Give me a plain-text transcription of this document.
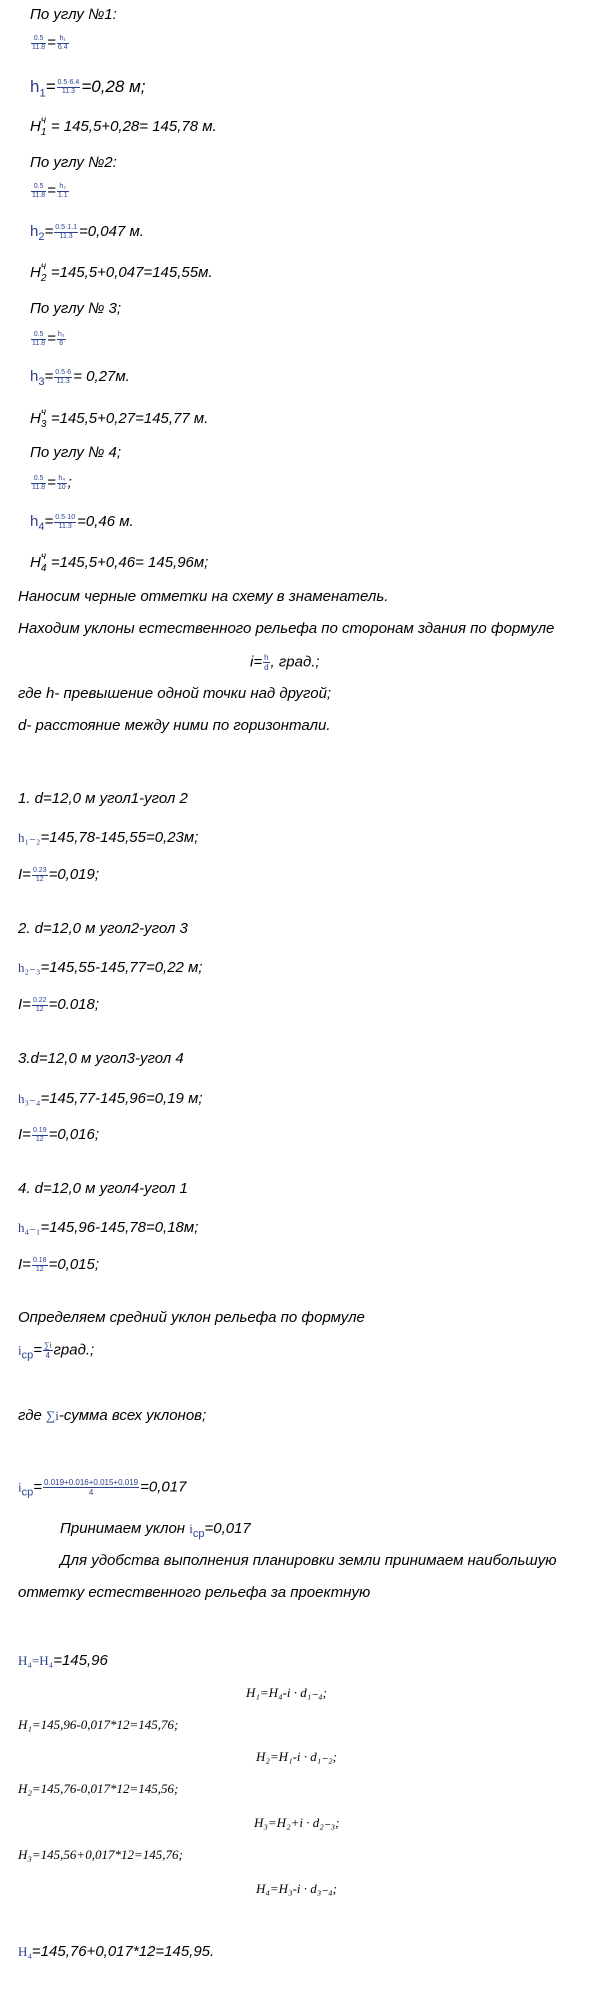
По углу №1:
$\frac{0.5}{11.8} = \frac{\text{h₁}}{6.4}$
$h_1= \frac{0.5\cdot 6.4}{11.3} =0,28$ м;
H ч
1 = 145,5+0,28= 145,78 м.
По углу №2:
$\frac{0.5}{11.8} = \frac{\text{h₂}}{1.1}$
$h_2= \frac{0.5\cdot 1.1}{11.3} =0,047$ м.
H ч
2 =145,5+0,047=145,55м.
По углу № 3;
$\frac{0.5}{11.8} = \frac{\text{h₃}}{6}$
$h_3= \frac{0.5\cdot 6}{11.3} = 0,27м$.
H ч
3 =145,5+0,27=145,77 м.
По углу № 4;
$\frac{0.5}{11.8} = \frac{\text{h₄}}{10}$ ;
$h_4= \frac{0.5\cdot 10}{11.3} =0,46$ м.
H ч
4 =145,5+0,46= 145,96м;
Наносим черные отметки на схему в знаменатель.
Находим уклоны естественного рельефа по сторонам здания по формуле
$i= \frac{h}{d}$ , град.;
где h- превышение одной точки над другой;
d- расстояние между ними по горизонтали.
1. d=12,0 м угол1-угол 2
h₁₋₂=145,78-145,55=0,23м;
$I= \frac{0.23}{12} =0,019$;
2. d=12,0 м угол2-угол 3
h₂₋₃=145,55-145,77=0,22 м;
$I= \frac{0.22}{12} =0.018$;
3.d=12,0 м угол3-угол 4
h₃₋₄=145,77-145,96=0,19 м;
$I= \frac{0.19}{12} =0,016$;
4. d=12,0 м угол4-угол 1
h₄₋₁=145,96-145,78=0,18м;
$I= \frac{0.18}{12} =0,015$;
Определяем средний уклон рельефа по формуле
$i_{ср}= \frac{\sum i}{4}$ град.;
где ∑i-сумма всех уклонов;
$i_{ср}= \frac{0.019+0.016+0.015+0.019}{4} =0,017$
Принимаем уклон $i_{ср}=0,017$
Для удобства выполнения планировки земли принимаем наибольшую
отметку естественного рельефа за проектную
H₄=H₄=145,96
H₁=H₄-i · d₁₋₄;
H₁=145,96-0,017*12=145,76;
H₂=H₁-i · d₁₋₂;
H₂=145,76-0,017*12=145,56;
H₃=H₂+i · d₂₋₃;
H₃=145,56+0,017*12=145,76;
H₄=H₃-i · d₃₋₄;
H₄=145,76+0,017*12=145,95.
